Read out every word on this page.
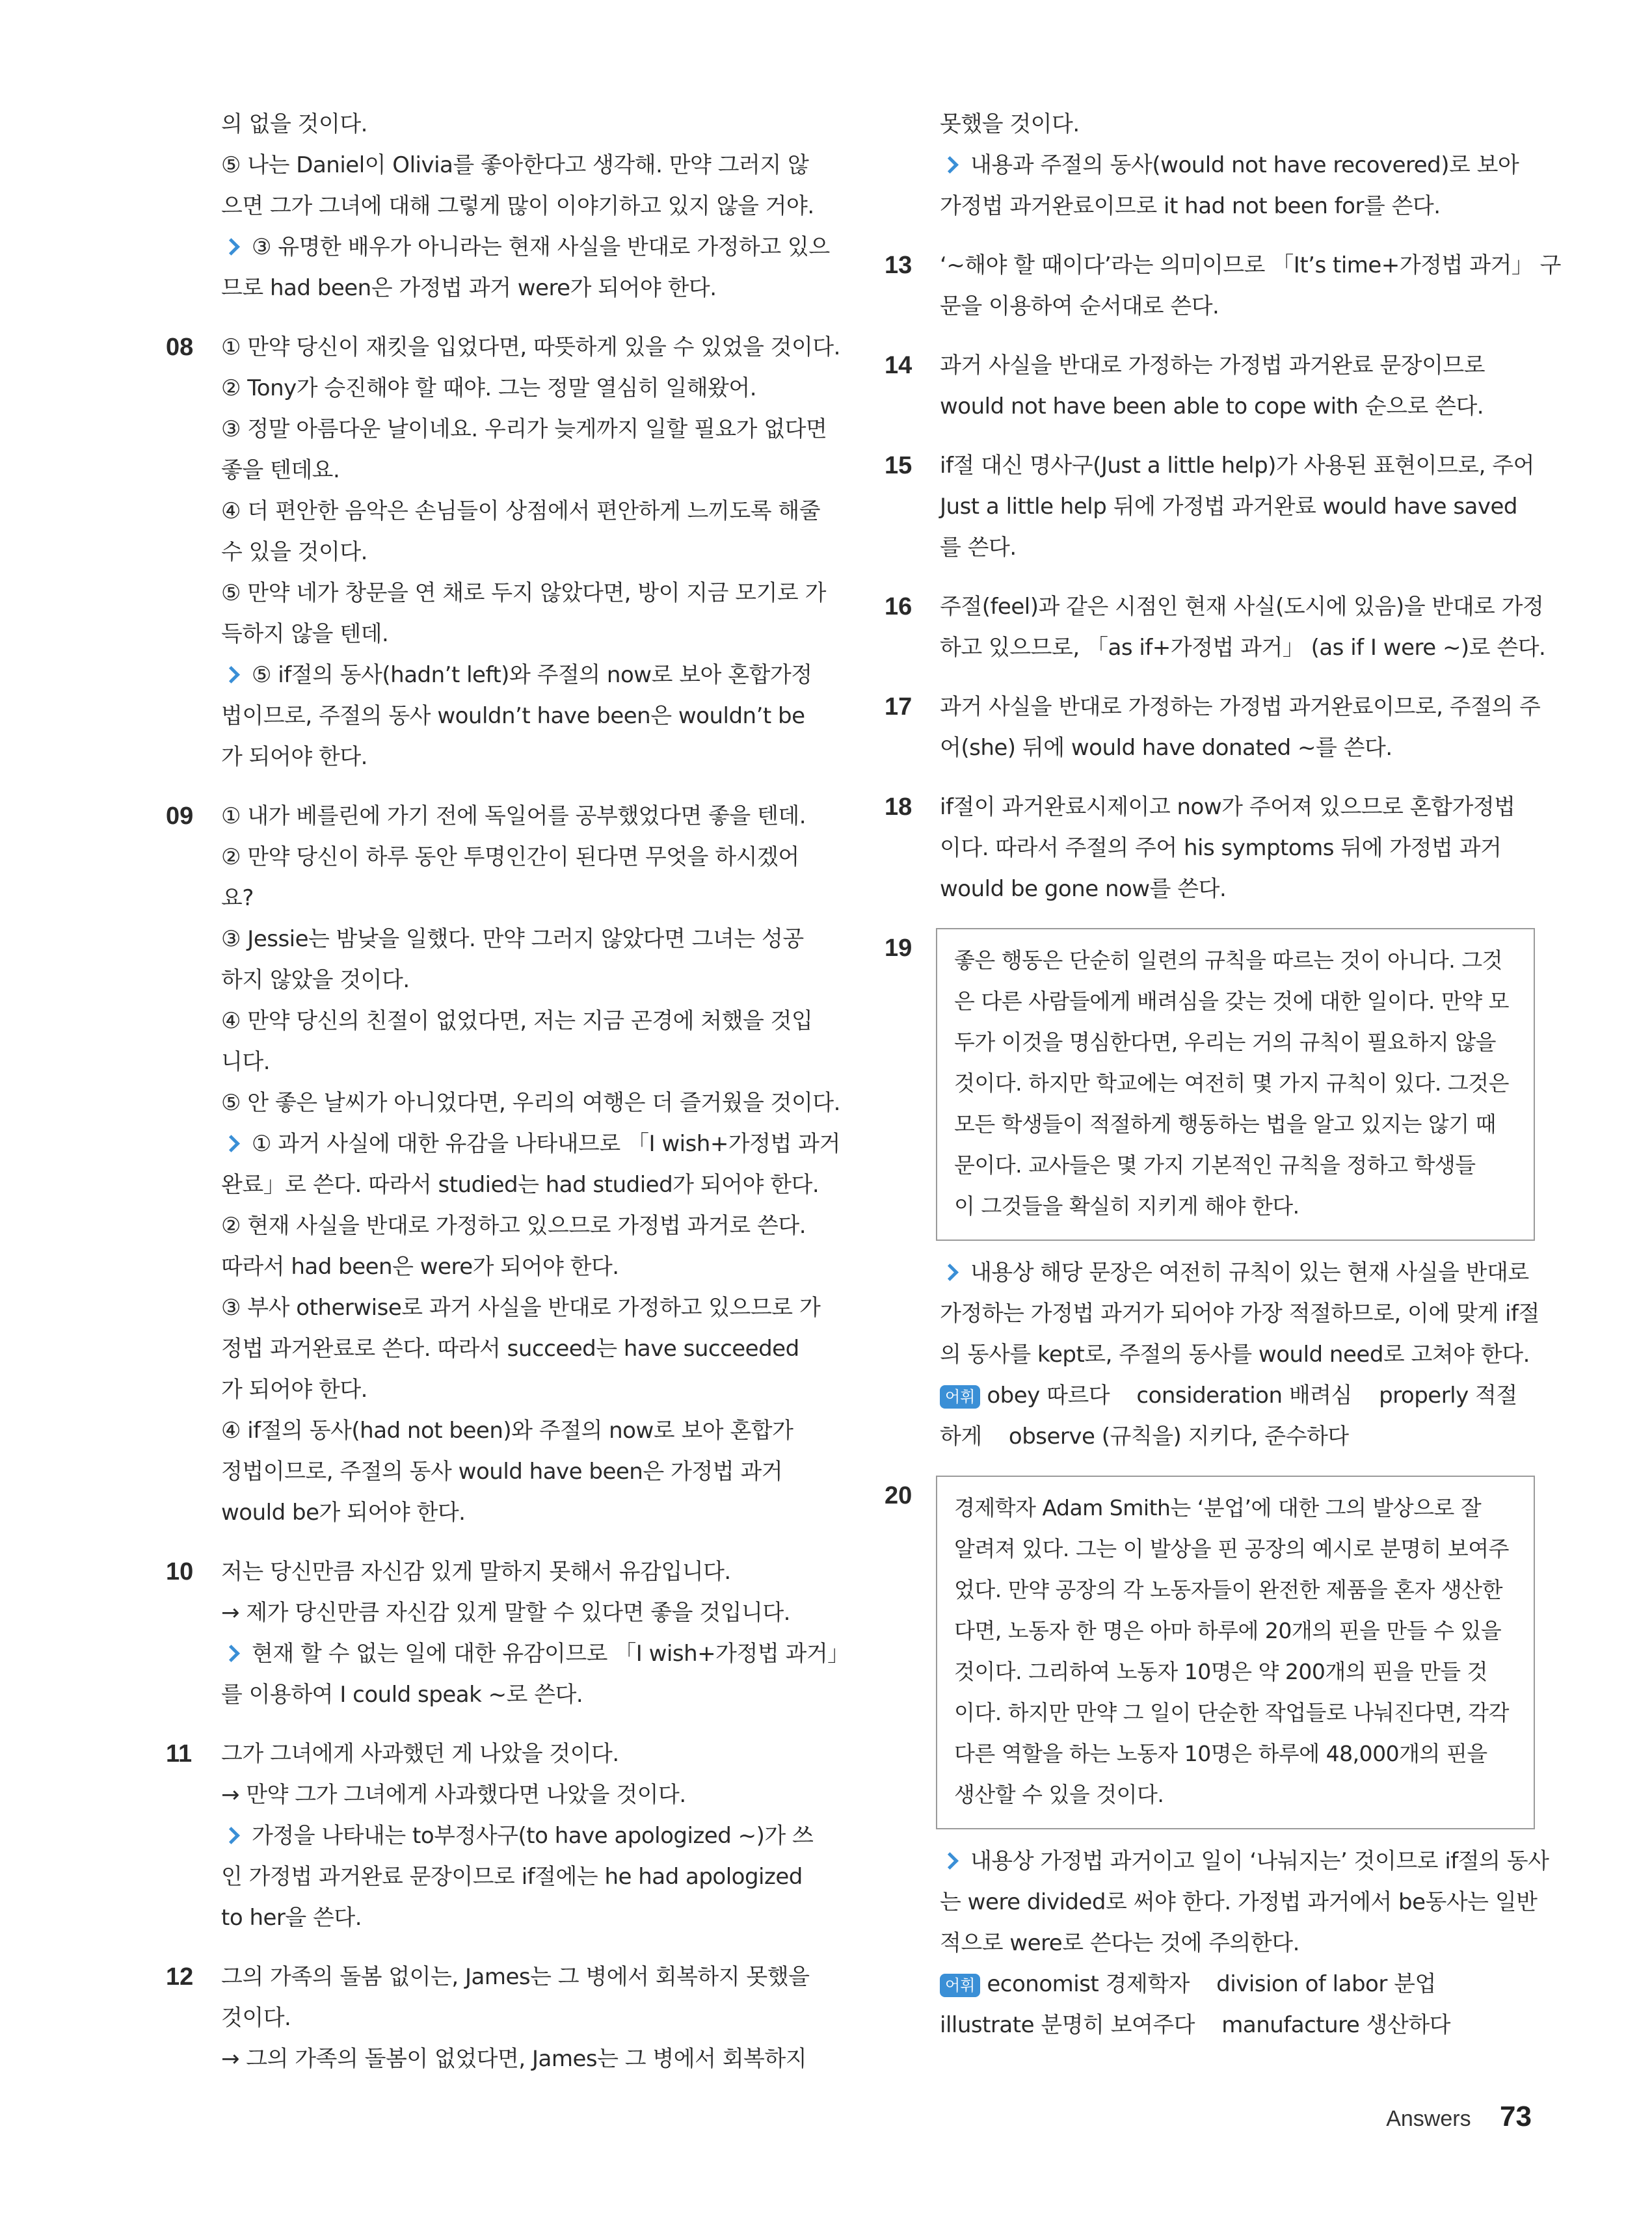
의 없을 것이다.
⑤ 나는 Daniel이 Olivia를 좋아한다고 생각해. 만약 그러지 않
으면 그가 그녀에 대해 그렇게 많이 이야기하고 있지 않을 거야.
③ 유명한 배우가 아니라는 현재 사실을 반대로 가정하고 있으
므로 had been은 가정법 과거 were가 되어야 한다.
08	① 만약 당신이 재킷을 입었다면, 따뜻하게 있을 수 있었을 것이다.
② Tony가 승진해야 할 때야. 그는 정말 열심히 일해왔어.
③ 정말 아름다운 날이네요. 우리가 늦게까지 일할 필요가 없다면
좋을 텐데요.
④ 더 편안한 음악은 손님들이 상점에서 편안하게 느끼도록 해줄
수 있을 것이다.
⑤ 만약 네가 창문을 연 채로 두지 않았다면, 방이 지금 모기로 가
득하지 않을 텐데.
⑤ if절의 동사(hadn’t left)와 주절의 now로 보아 혼합가정
법이므로, 주절의 동사 wouldn’t have been은 wouldn’t be
가 되어야 한다.
09	① 내가 베를린에 가기 전에 독일어를 공부했었다면 좋을 텐데.
② 만약 당신이 하루 동안 투명인간이 된다면 무엇을 하시겠어
요?
③ Jessie는 밤낮을 일했다. 만약 그러지 않았다면 그녀는 성공
하지 않았을 것이다.
④ 만약 당신의 친절이 없었다면, 저는 지금 곤경에 처했을 것입
니다.
⑤ 안 좋은 날씨가 아니었다면, 우리의 여행은 더 즐거웠을 것이다.
① 과거 사실에 대한 유감을 나타내므로 「I wish+가정법 과거
완료」로 쓴다. 따라서 studied는 had studied가 되어야 한다.
② 현재 사실을 반대로 가정하고 있으므로 가정법 과거로 쓴다.
따라서 had been은 were가 되어야 한다.
③ 부사 otherwise로 과거 사실을 반대로 가정하고 있으므로 가
정법 과거완료로 쓴다. 따라서 succeed는 have succeeded
가 되어야 한다.
④ if절의 동사(had not been)와 주절의 now로 보아 혼합가
정법이므로, 주절의 동사 would have been은 가정법 과거
would be가 되어야 한다.
10	저는 당신만큼 자신감 있게 말하지 못해서 유감입니다.
→ 제가 당신만큼 자신감 있게 말할 수 있다면 좋을 것입니다.
현재 할 수 없는 일에 대한 유감이므로 「I wish+가정법 과거」
를 이용하여 I could speak ~로 쓴다.
11	그가 그녀에게 사과했던 게 나았을 것이다.
→ 만약 그가 그녀에게 사과했다면 나았을 것이다.
가정을 나타내는 to부정사구(to have apologized ~)가 쓰
인 가정법 과거완료 문장이므로 if절에는 he had apologized
to her을 쓴다.
12	그의 가족의 돌봄 없이는, James는 그 병에서 회복하지 못했을
것이다.
→ 그의 가족의 돌봄이 없었다면, James는 그 병에서 회복하지
못했을 것이다.
내용과 주절의 동사(would not have recovered)로 보아
가정법 과거완료이므로 it had not been for를 쓴다.
13	‘~해야 할 때이다’라는 의미이므로 「It’s time+가정법 과거」 구
문을 이용하여 순서대로 쓴다.
14	과거 사실을 반대로 가정하는 가정법 과거완료 문장이므로
would not have been able to cope with 순으로 쓴다.
15	if절 대신 명사구(Just a little help)가 사용된 표현이므로, 주어
Just a little help 뒤에 가정법 과거완료 would have saved
를 쓴다.
16	주절(feel)과 같은 시점인 현재 사실(도시에 있음)을 반대로 가정
하고 있으므로, 「as if+가정법 과거」 (as if I were ~)로 쓴다.
17	과거 사실을 반대로 가정하는 가정법 과거완료이므로, 주절의 주
어(she) 뒤에 would have donated ~를 쓴다.
18	if절이 과거완료시제이고 now가 주어져 있으므로 혼합가정법
이다. 따라서 주절의 주어 his symptoms 뒤에 가정법 과거
would be gone now를 쓴다.
19	좋은 행동은 단순히 일련의 규칙을 따르는 것이 아니다. 그것
은 다른 사람들에게 배려심을 갖는 것에 대한 일이다. 만약 모
두가 이것을 명심한다면, 우리는 거의 규칙이 필요하지 않을
것이다. 하지만 학교에는 여전히 몇 가지 규칙이 있다. 그것은
모든 학생들이 적절하게 행동하는 법을 알고 있지는 않기 때
문이다. 교사들은 몇 가지 기본적인 규칙을 정하고 학생들
이 그것들을 확실히 지키게 해야 한다.
내용상 해당 문장은 여전히 규칙이 있는 현재 사실을 반대로
가정하는 가정법 과거가 되어야 가장 적절하므로, 이에 맞게 if절
의 동사를 kept로, 주절의 동사를 would need로 고쳐야 한다.
어휘 obey 따르다    consideration 배려심    properly 적절
하게    observe (규칙을) 지키다, 준수하다
20	경제학자 Adam Smith는 ‘분업’에 대한 그의 발상으로 잘
알려져 있다. 그는 이 발상을 핀 공장의 예시로 분명히 보여주
었다. 만약 공장의 각 노동자들이 완전한 제품을 혼자 생산한
다면, 노동자 한 명은 아마 하루에 20개의 핀을 만들 수 있을
것이다. 그리하여 노동자 10명은 약 200개의 핀을 만들 것
이다. 하지만 만약 그 일이 단순한 작업들로 나눠진다면, 각각
다른 역할을 하는 노동자 10명은 하루에 48,000개의 핀을
생산할 수 있을 것이다.
내용상 가정법 과거이고 일이 ‘나눠지는’ 것이므로 if절의 동사
는 were divided로 써야 한다. 가정법 과거에서 be동사는 일반
적으로 were로 쓴다는 것에 주의한다.
어휘 economist 경제학자    division of labor 분업
illustrate 분명히 보여주다    manufacture 생산하다
Answers 73
